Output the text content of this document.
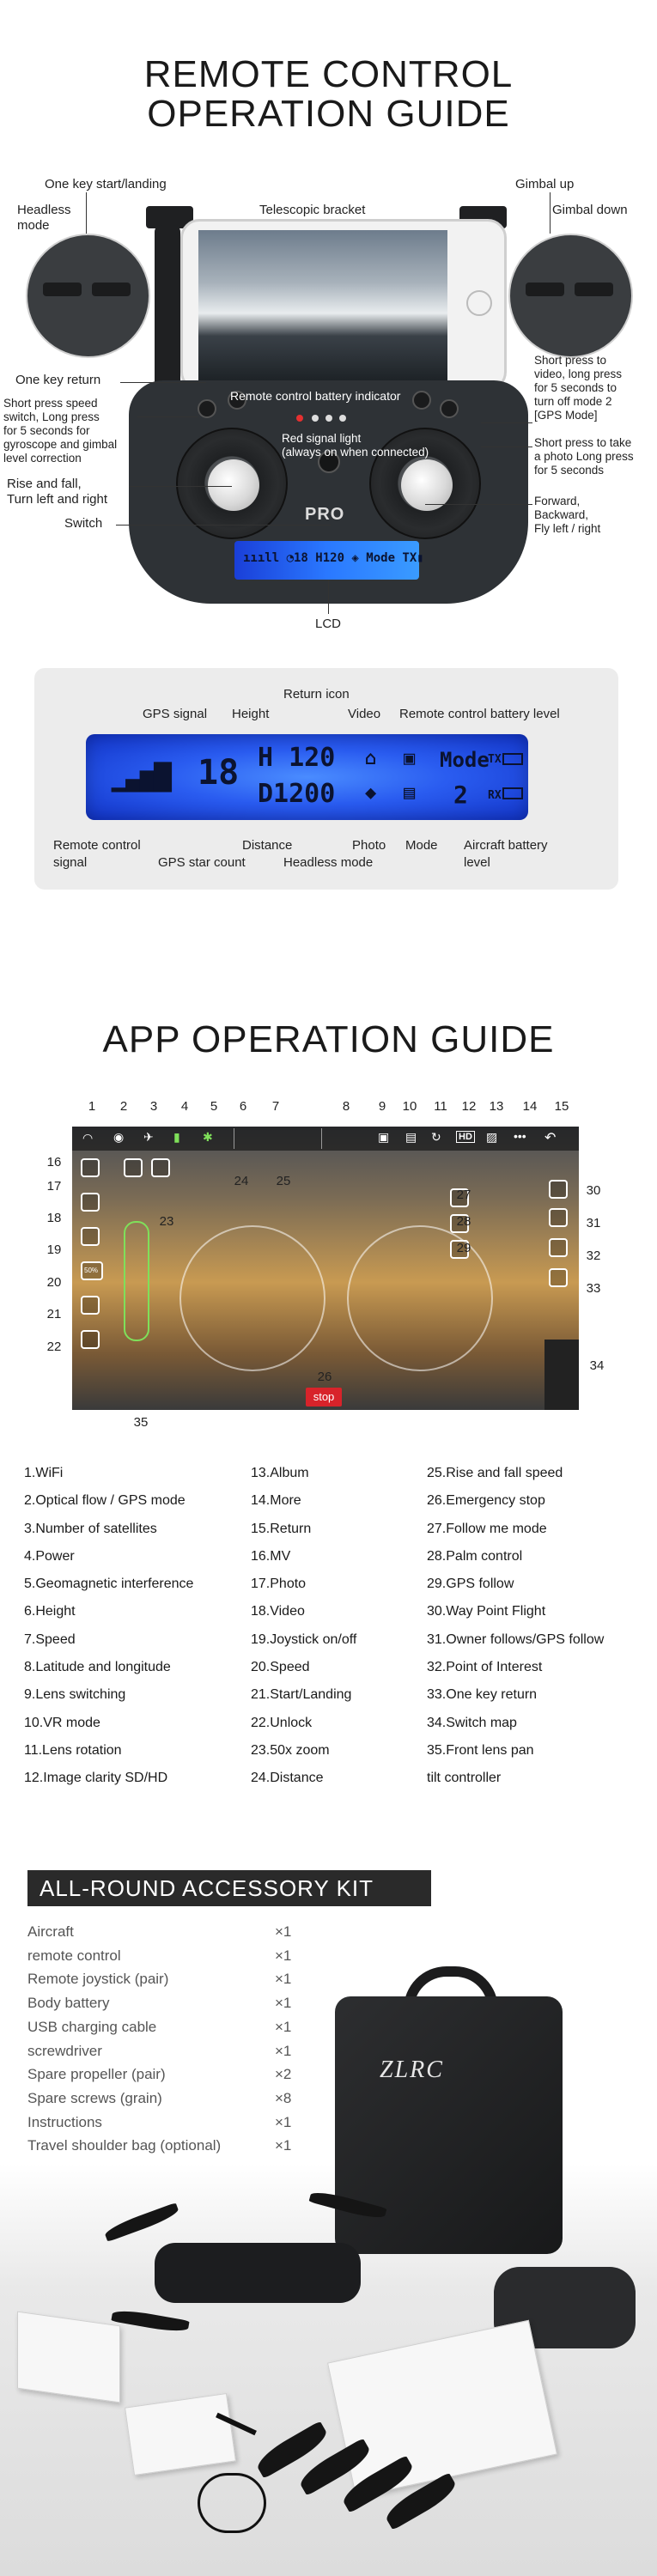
REMOTE CONTROL
OPERATION GUIDE
PRO
ıııll ◔18 H120 ◈ Mode TX▮
One key start/landing
Headless
mode
Telescopic bracket
Gimbal up
Gimbal down
One key return
Short press speed
switch, Long press
for 5 seconds for
gyroscope and gimbal
level correction
Rise and fall,
Turn left and right
Switch
Remote control battery indicator
Red signal light
(always on when connected)
Short press to
video, long press
for 5 seconds to
turn off mode 2
[GPS Mode]
Short press to take
a photo Long press
for 5 seconds
Forward,
Backward,
Fly left / right
LCD
Return icon
GPS signal Height	Video Remote control battery level
▁▃▅▇ 18 H 120
D1200
⌂
◆
▣
▤
Mode
2
TX
RX
Remote control
signal	GPS star count
Distance
Headless mode
Photo Mode Aircraft battery
level
APP OPERATION GUIDE
1	2	3	4	5	6	7	8	9	10 11 12 13 14 15
16
17
18
19
20
21
22
30
31
32
33
34
◠ ◉ ✈ ▮ ✱	▣ ▤ ↻ HD ▨ ••• ↶
50%
stop
23
24 25
26
27
28
29
35
1.WiFi
2.Optical flow / GPS mode
3.Number of satellites
4.Power
5.Geomagnetic interference
6.Height
7.Speed
8.Latitude and longitude
9.Lens switching
10.VR mode
11.Lens rotation
12.Image clarity SD/HD
13.Album
14.More
15.Return
16.MV
17.Photo
18.Video
19.Joystick on/off
20.Speed
21.Start/Landing
22.Unlock
23.50x zoom
24.Distance
25.Rise and fall speed
26.Emergency stop
27.Follow me mode
28.Palm control
29.GPS follow
30.Way Point Flight
31.Owner follows/GPS follow
32.Point of Interest
33.One key return
34.Switch map
35.Front lens pan
tilt controller
ALL-ROUND ACCESSORY KIT
Aircraft	×1
remote control	×1
Remote joystick (pair)	×1
Body battery	×1
USB charging cable	×1
screwdriver	×1
Spare propeller (pair)	×2
Spare screws (grain)	×8
Instructions	×1
Travel shoulder bag (optional)	×1
ZLRC
